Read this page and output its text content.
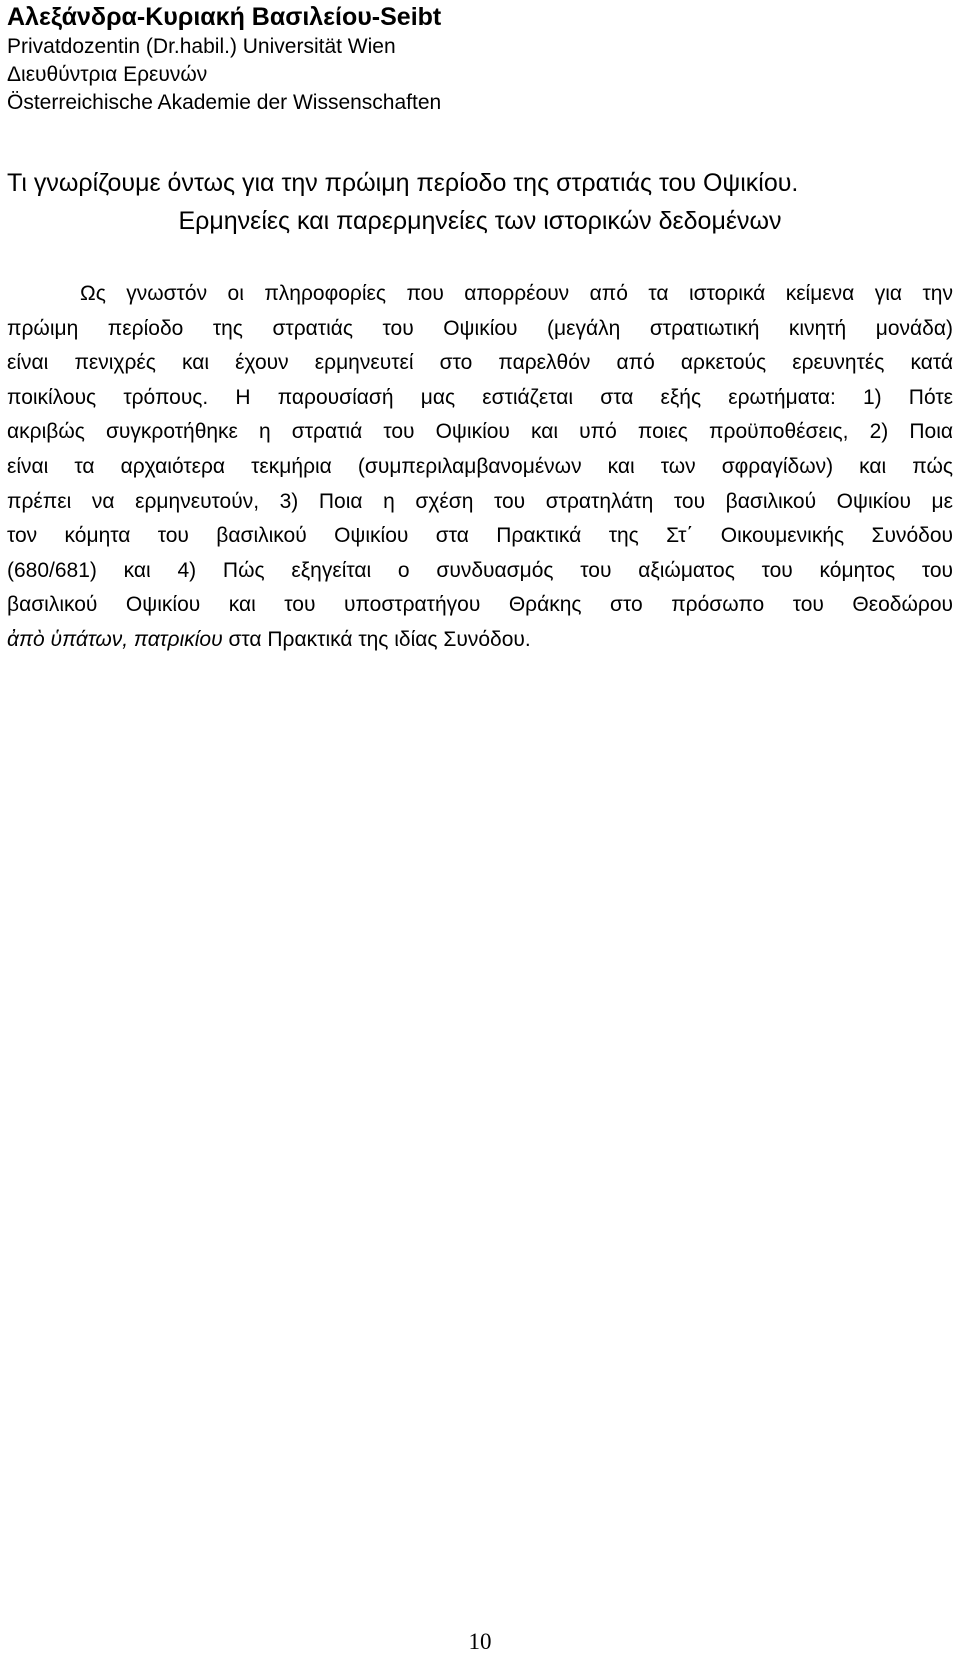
Αλεξάνδρα-Κυριακή Βασιλείου-Seibt

Privatdozentin (Dr.habil.) Universität Wien

Διευθύντρια Ερευνών

Österreichische Akademie der Wissenschaften

Τι γνωρίζουμε όντως για την πρώιμη περίοδο της στρατιάς του Οψικίου.

Ερμηνείες και παρερμηνείες των ιστορικών δεδομένων

Ως γνωστόν οι πληροφορίες που απορρέουν από τα ιστορικά κείμενα για την

πρώιμη περίοδο της στρατιάς του Οψικίου (μεγάλη στρατιωτική κινητή μονάδα)

είναι πενιχρές και έχουν ερμηνευτεί στο παρελθόν από αρκετούς ερευνητές κατά

ποικίλους τρόπους. Η παρουσίασή μας εστιάζεται στα εξής ερωτήματα: 1) Πότε

ακριβώς συγκροτήθηκε η στρατιά του Οψικίου και υπό ποιες προϋποθέσεις, 2) Ποια

είναι τα αρχαιότερα τεκμήρια (συμπεριλαμβανομένων και των σφραγίδων) και πώς

πρέπει να ερμηνευτούν, 3) Ποια η σχέση του στρατηλάτη του βασιλικού Οψικίου με

τον κόμητα του βασιλικού Οψικίου στα Πρακτικά της Στ΄ Οικουμενικής Συνόδου

(680/681) και 4) Πώς εξηγείται ο συνδυασμός του αξιώματος του κόμητος του

βασιλικού Οψικίου και του υποστρατήγου Θράκης στο πρόσωπο του Θεοδώρου

ἀπὸ ὑπάτων, πατρικίου στα Πρακτικά της ιδίας Συνόδου.

10
